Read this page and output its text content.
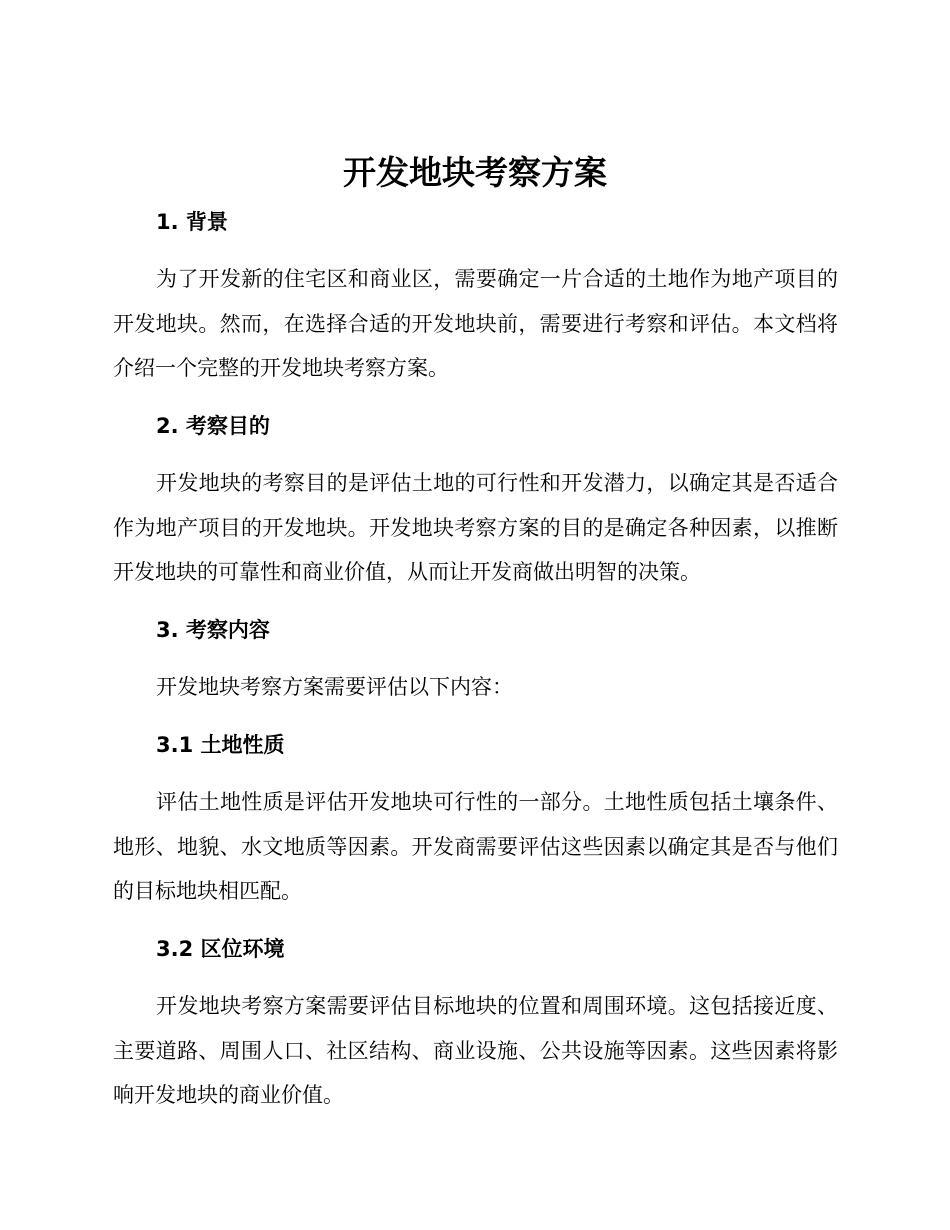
开发地块考察方案
1. 背景

为了开发新的住宅区和商业区，需要确定一片合适的土地作为地产项目的开发地块。然而，在选择合适的开发地块前，需要进行考察和评估。本文档将介绍一个完整的开发地块考察方案。

2. 考察目的

开发地块的考察目的是评估土地的可行性和开发潜力，以确定其是否适合作为地产项目的开发地块。开发地块考察方案的目的是确定各种因素，以推断开发地块的可靠性和商业价值，从而让开发商做出明智的决策。

3. 考察内容

开发地块考察方案需要评估以下内容：

3.1 土地性质

评估土地性质是评估开发地块可行性的一部分。土地性质包括土壤条件、地形、地貌、水文地质等因素。开发商需要评估这些因素以确定其是否与他们的目标地块相匹配。

3.2 区位环境

开发地块考察方案需要评估目标地块的位置和周围环境。这包括接近度、主要道路、周围人口、社区结构、商业设施、公共设施等因素。这些因素将影响开发地块的商业价值。
